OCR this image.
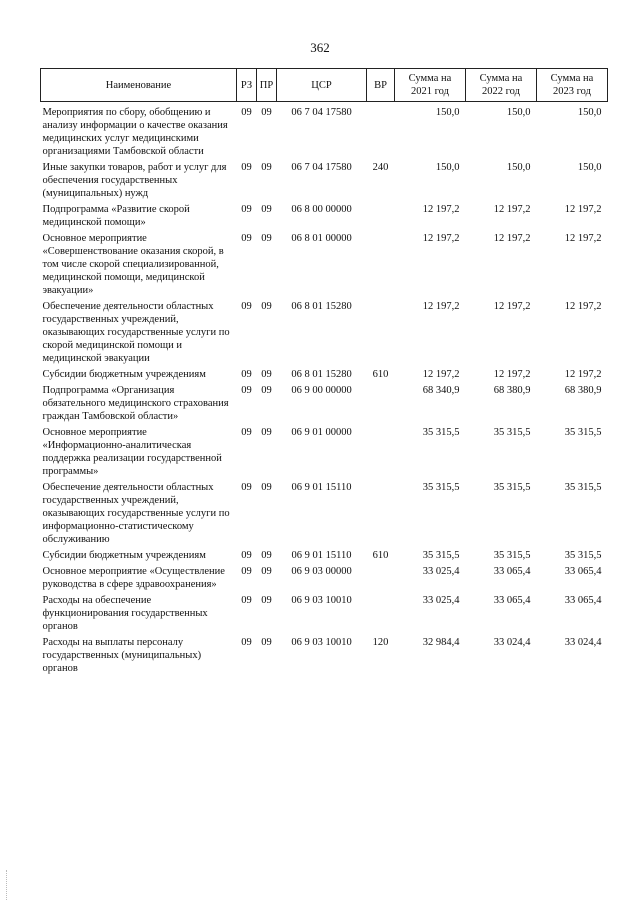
362
Наименование	РЗ	ПР	ЦСР	ВР	Сумма на 2021 год	Сумма на 2022 год	Сумма на 2023 год
Мероприятия по сбору, обобщению и анализу информации о качестве оказания медицинских услуг медицинскими организациями Тамбовской области	09	09	06 7 04 17580		150,0	150,0	150,0
Иные закупки товаров, работ и услуг для обеспечения государственных (муниципальных) нужд	09	09	06 7 04 17580	240	150,0	150,0	150,0
Подпрограмма «Развитие скорой медицинской помощи»	09	09	06 8 00 00000		12 197,2	12 197,2	12 197,2
Основное мероприятие «Совершенствование оказания скорой, в том числе скорой специализированной, медицинской помощи, медицинской эвакуации»	09	09	06 8 01 00000		12 197,2	12 197,2	12 197,2
Обеспечение деятельности областных государственных учреждений, оказывающих государственные услуги по скорой медицинской помощи и медицинской эвакуации	09	09	06 8 01 15280		12 197,2	12 197,2	12 197,2
Субсидии бюджетным учреждениям	09	09	06 8 01 15280	610	12 197,2	12 197,2	12 197,2
Подпрограмма «Организация обязательного медицинского страхования граждан Тамбовской области»	09	09	06 9 00 00000		68 340,9	68 380,9	68 380,9
Основное мероприятие «Информационно-аналитическая поддержка реализации государственной программы»	09	09	06 9 01 00000		35 315,5	35 315,5	35 315,5
Обеспечение деятельности областных государственных учреждений, оказывающих государственные услуги по информационно-статистическому обслуживанию	09	09	06 9 01 15110		35 315,5	35 315,5	35 315,5
Субсидии бюджетным учреждениям	09	09	06 9 01 15110	610	35 315,5	35 315,5	35 315,5
Основное мероприятие «Осуществление руководства в сфере здравоохранения»	09	09	06 9 03 00000		33 025,4	33 065,4	33 065,4
Расходы на обеспечение функционирования государственных органов	09	09	06 9 03 10010		33 025,4	33 065,4	33 065,4
Расходы на выплаты персоналу государственных (муниципальных) органов	09	09	06 9 03 10010	120	32 984,4	33 024,4	33 024,4
